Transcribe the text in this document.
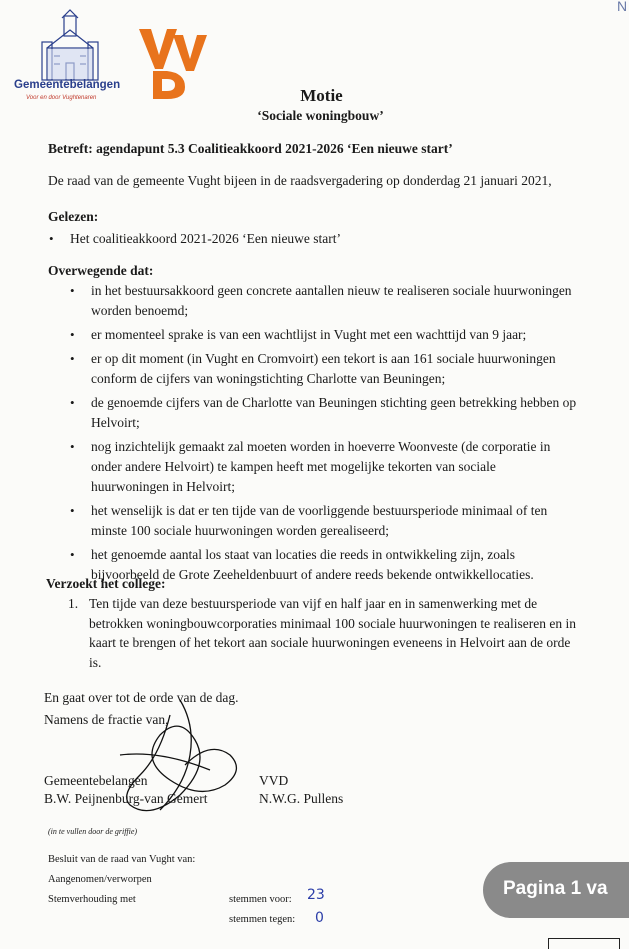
N
Gemeentebelangen
Voor en door Vughtenaren	Motie
‘Sociale woningbouw’
Betreft: agendapunt 5.3 Coalitieakkoord 2021-2026 ‘Een nieuwe start’
De raad van de gemeente Vught bijeen in de raadsvergadering op donderdag 21 januari 2021,
Gelezen:
• Het coalitieakkoord 2021-2026 ‘Een nieuwe start’
Overwegende dat:
• in het bestuursakkoord geen concrete aantallen nieuw te realiseren sociale huurwoningen
worden benoemd;
• er momenteel sprake is van een wachtlijst in Vught met een wachttijd van 9 jaar;
• er op dit moment (in Vught en Cromvoirt) een tekort is aan 161 sociale huurwoningen
conform de cijfers van woningstichting Charlotte van Beuningen;
• de genoemde cijfers van de Charlotte van Beuningen stichting geen betrekking hebben op
Helvoirt;
• nog inzichtelijk gemaakt zal moeten worden in hoeverre Woonveste (de corporatie in
onder andere Helvoirt) te kampen heeft met mogelijke tekorten van sociale
huurwoningen in Helvoirt;
• het wenselijk is dat er ten tijde van de voorliggende bestuursperiode minimaal of ten
minste 100 sociale huurwoningen worden gerealiseerd;
• het genoemde aantal los staat van locaties die reeds in ontwikkeling zijn, zoals
bijvoorbeeld de Grote Zeeheldenbuurt of andere reeds bekende ontwikkellocaties.
Verzoekt het college:
1. Ten tijde van deze bestuursperiode van vijf en half jaar en in samenwerking met de
betrokken woningbouwcorporaties minimaal 100 sociale huurwoningen te realiseren en in
kaart te brengen of het tekort aan sociale huurwoningen eveneens in Helvoirt aan de orde
is.
En gaat over tot de orde van de dag.
Namens de fractie van,
Gemeentebelangen
B.W. Peijnenburg-van Gemert
VVD
N.W.G. Pullens
(in te vullen door de griffie)
Besluit van de raad van Vught van:
Aangenomen/verworpen
Stemverhouding met	stemmen voor: 23
stemmen tegen: 0
Pagina 1 va
